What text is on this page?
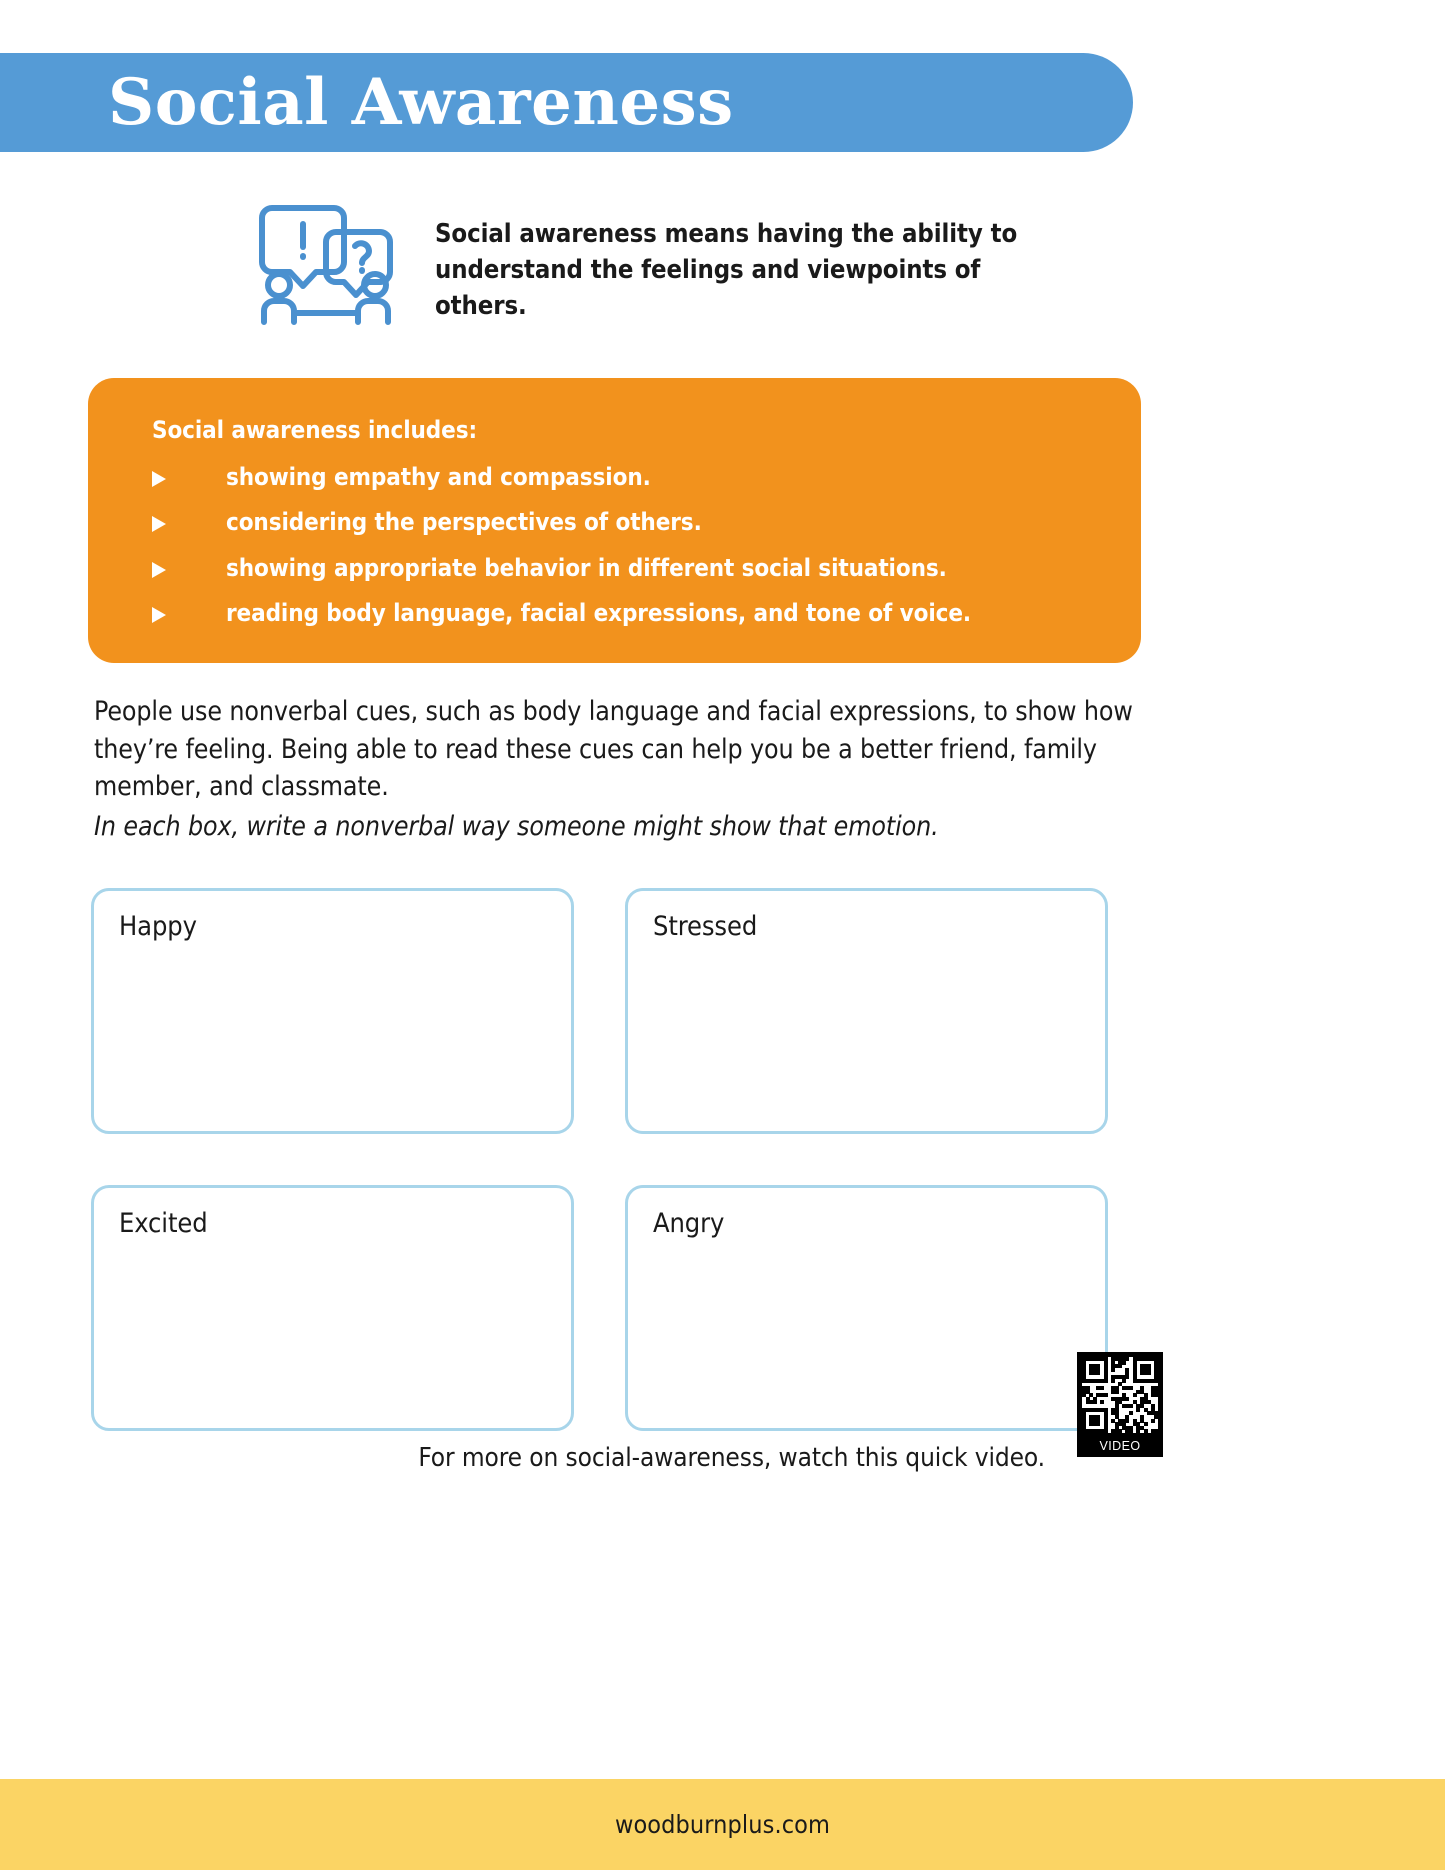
Social Awareness
Social awareness means having the ability to understand the feelings and viewpoints of others.
Social awareness includes:
showing empathy and compassion.
considering the perspectives of others.
showing appropriate behavior in different social situations.
reading body language, facial expressions, and tone of voice.
People use nonverbal cues, such as body language and facial expressions, to show how they’re feeling. Being able to read these cues can help you be a better friend, family member, and classmate.
In each box, write a nonverbal way someone might show that emotion.
Happy	Stressed
Excited	Angry
VIDEO
For more on social-awareness, watch this quick video.
woodburnplus.com
